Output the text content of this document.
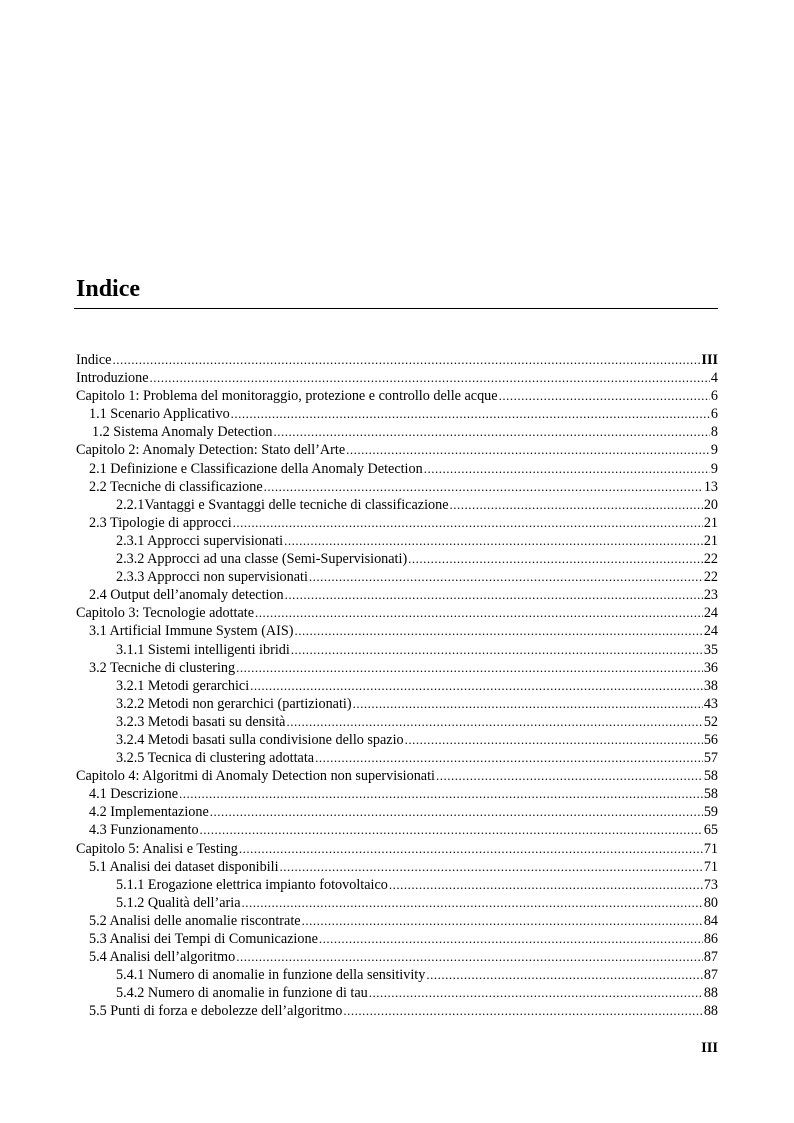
Indice
Indice .....	III
Introduzione .....	4
Capitolo 1: Problema del monitoraggio, protezione e controllo delle acque .....	6
1.1 Scenario Applicativo .....	6
1.2 Sistema Anomaly Detection .....	8
Capitolo 2: Anomaly Detection: Stato dell’Arte .....	9
2.1 Definizione e Classificazione della Anomaly Detection .....	9
2.2 Tecniche di classificazione .....	13
2.2.1Vantaggi e Svantaggi delle tecniche di classificazione .....	20
2.3 Tipologie di approcci .....	21
2.3.1 Approcci supervisionati .....	21
2.3.2 Approcci ad una classe (Semi-Supervisionati) .....	22
2.3.3 Approcci non supervisionati .....	22
2.4 Output dell’anomaly detection .....	23
Capitolo 3: Tecnologie adottate .....	24
3.1 Artificial Immune System (AIS) .....	24
3.1.1 Sistemi intelligenti ibridi .....	35
3.2 Tecniche di clustering .....	36
3.2.1 Metodi gerarchici .....	38
3.2.2 Metodi non gerarchici (partizionati) .....	43
3.2.3 Metodi basati su densità .....	52
3.2.4 Metodi basati sulla condivisione dello spazio .....	56
3.2.5 Tecnica di clustering adottata .....	57
Capitolo 4: Algoritmi di Anomaly Detection non supervisionati .....	58
4.1 Descrizione .....	58
4.2 Implementazione .....	59
4.3 Funzionamento .....	65
Capitolo 5: Analisi e Testing .....	71
5.1 Analisi dei dataset disponibili .....	71
5.1.1 Erogazione elettrica impianto fotovoltaico .....	73
5.1.2 Qualità dell’aria .....	80
5.2 Analisi delle anomalie riscontrate .....	84
5.3 Analisi dei Tempi di Comunicazione .....	86
5.4 Analisi dell’algoritmo .....	87
5.4.1 Numero di anomalie in funzione della sensitivity .....	87
5.4.2 Numero di anomalie in funzione di tau .....	88
5.5 Punti di forza e debolezze dell’algoritmo .....	88
III
